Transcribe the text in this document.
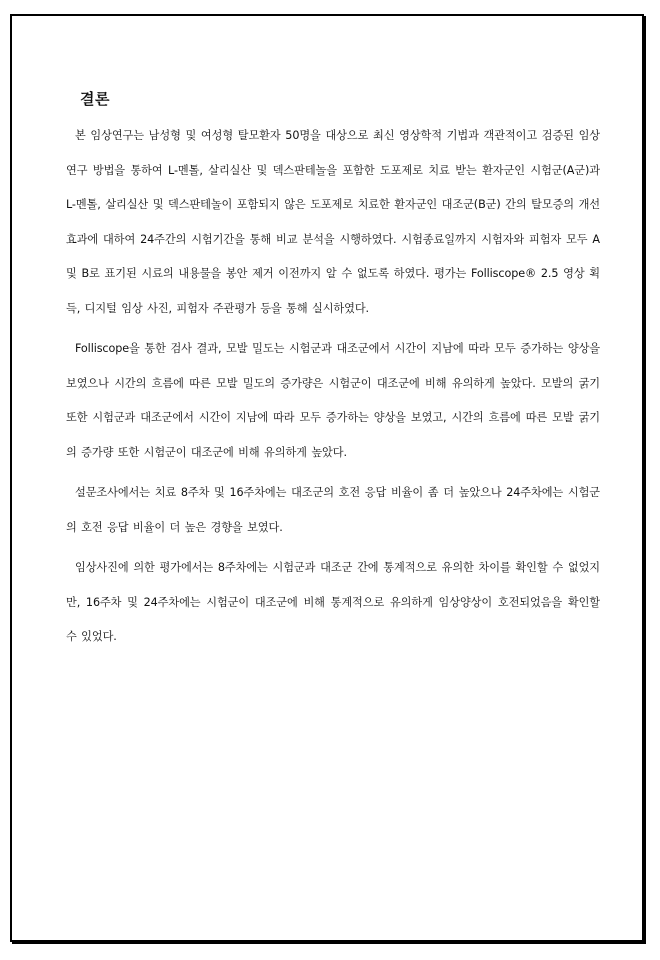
결론

본 임상연구는 남성형 및 여성형 탈모환자 50명을 대상으로 최신 영상학적 기법과 객관적이고 검증된 임상연구 방법을 통하여 L-멘톨, 살리실산 및 덱스판테놀을 포함한 도포제로 치료 받는 환자군인 시험군(A군)과 L-멘톨, 살리실산 및 덱스판테놀이 포함되지 않은 도포제로 치료한 환자군인 대조군(B군) 간의 탈모증의 개선 효과에 대하여 24주간의 시험기간을 통해 비교 분석을 시행하였다. 시험종료일까지 시험자와 피험자 모두 A 및 B로 표기된 시료의 내용물을 봉안 제거 이전까지 알 수 없도록 하였다. 평가는 Folliscope® 2.5 영상 획득, 디지털 임상 사진, 피험자 주관평가 등을 통해 실시하였다.

Folliscope을 통한 검사 결과, 모발 밀도는 시험군과 대조군에서 시간이 지남에 따라 모두 증가하는 양상을 보였으나 시간의 흐름에 따른 모발 밀도의 증가량은 시험군이 대조군에 비해 유의하게 높았다. 모발의 굵기 또한 시험군과 대조군에서 시간이 지남에 따라 모두 증가하는 양상을 보였고, 시간의 흐름에 따른 모발 굵기의 증가량 또한 시험군이 대조군에 비해 유의하게 높았다.

설문조사에서는 치료 8주차 및 16주차에는 대조군의 호전 응답 비율이 좀 더 높았으나 24주차에는 시험군의 호전 응답 비율이 더 높은 경향을 보였다.

임상사진에 의한 평가에서는 8주차에는 시험군과 대조군 간에 통계적으로 유의한 차이를 확인할 수 없었지만, 16주차 및 24주차에는 시험군이 대조군에 비해 통계적으로 유의하게 임상양상이 호전되었음을 확인할 수 있었다.
